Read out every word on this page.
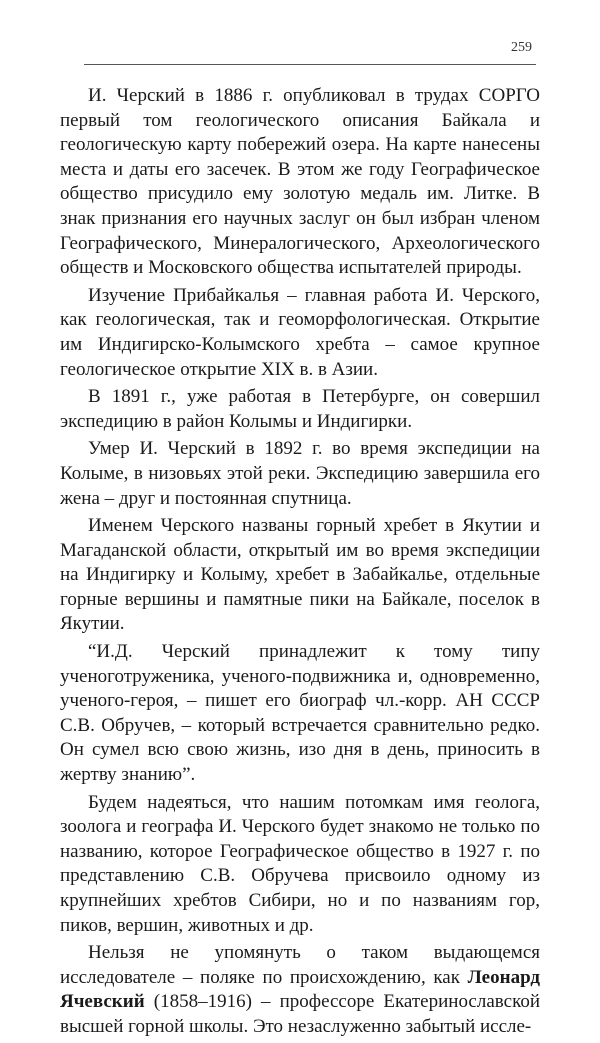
259

И. Черский в 1886 г. опубликовал в трудах СОРГО первый том геологического описания Байкала и геологическую карту побережий озера. На карте нанесены места и даты его засечек. В этом же году Географическое общество присудило ему золотую медаль им. Литке. В знак признания его научных заслуг он был избран членом Географического, Минералогического, Археологического обществ и Московского общества испытателей природы.

Изучение Прибайкалья – главная работа И. Черского, как геологическая, так и геоморфологическая. Открытие им Индигирско-Колымского хребта – самое крупное геологическое открытие XIX в. в Азии.

В 1891 г., уже работая в Петербурге, он совершил экспедицию в район Колымы и Индигирки.

Умер И. Черский в 1892 г. во время экспедиции на Колыме, в низовьях этой реки. Экспедицию завершила его жена – друг и постоянная спутница.

Именем Черского названы горный хребет в Якутии и Магаданской области, открытый им во время экспедиции на Индигирку и Колыму, хребет в Забайкалье, отдельные горные вершины и памятные пики на Байкале, поселок в Якутии.

“И.Д. Черский принадлежит к тому типу ученоготруженика, ученого-подвижника и, одновременно, ученого-героя, – пишет его биограф чл.-корр. АН СССР С.В. Обручев, – который встречается сравнительно редко. Он сумел всю свою жизнь, изо дня в день, приносить в жертву знанию”.

Будем надеяться, что нашим потомкам имя геолога, зоолога и географа И. Черского будет знакомо не только по названию, которое Географическое общество в 1927 г. по представлению С.В. Обручева присвоило одному из крупнейших хребтов Сибири, но и по названиям гор, пиков, вершин, животных и др.

Нельзя не упомянуть о таком выдающемся исследователе – поляке по происхождению, как Леонард Ячевский (1858–1916) – профессоре Екатеринославской высшей горной школы. Это незаслуженно забытый иссле-
